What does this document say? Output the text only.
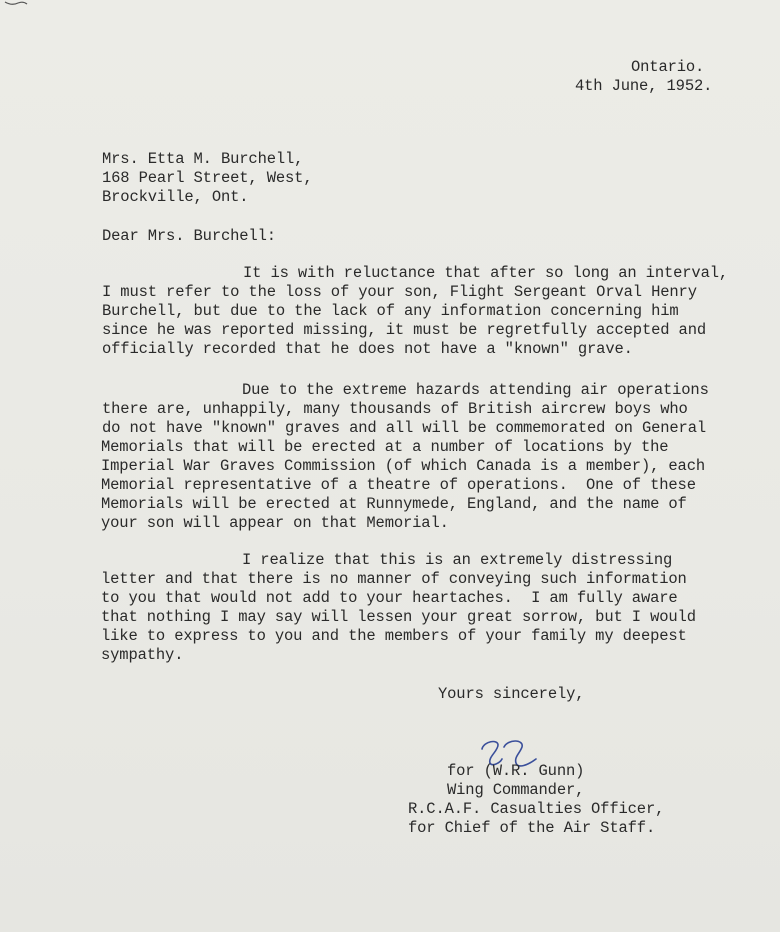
Ontario.
4th June, 1952.
Mrs. Etta M. Burchell,
168 Pearl Street, West,
Brockville, Ont.
Dear Mrs. Burchell:
It is with reluctance that after so long an interval,
I must refer to the loss of your son, Flight Sergeant Orval Henry
Burchell, but due to the lack of any information concerning him
since he was reported missing, it must be regretfully accepted and
officially recorded that he does not have a "known" grave.
Due to the extreme hazards attending air operations
there are, unhappily, many thousands of British aircrew boys who
do not have "known" graves and all will be commemorated on General
Memorials that will be erected at a number of locations by the
Imperial War Graves Commission (of which Canada is a member), each
Memorial representative of a theatre of operations.  One of these
Memorials will be erected at Runnymede, England, and the name of
your son will appear on that Memorial.
I realize that this is an extremely distressing
letter and that there is no manner of conveying such information
to you that would not add to your heartaches.  I am fully aware
that nothing I may say will lessen your great sorrow, but I would
like to express to you and the members of your family my deepest
sympathy.
Yours sincerely,
for (W.R. Gunn)
Wing Commander,
R.C.A.F. Casualties Officer,
for Chief of the Air Staff.
